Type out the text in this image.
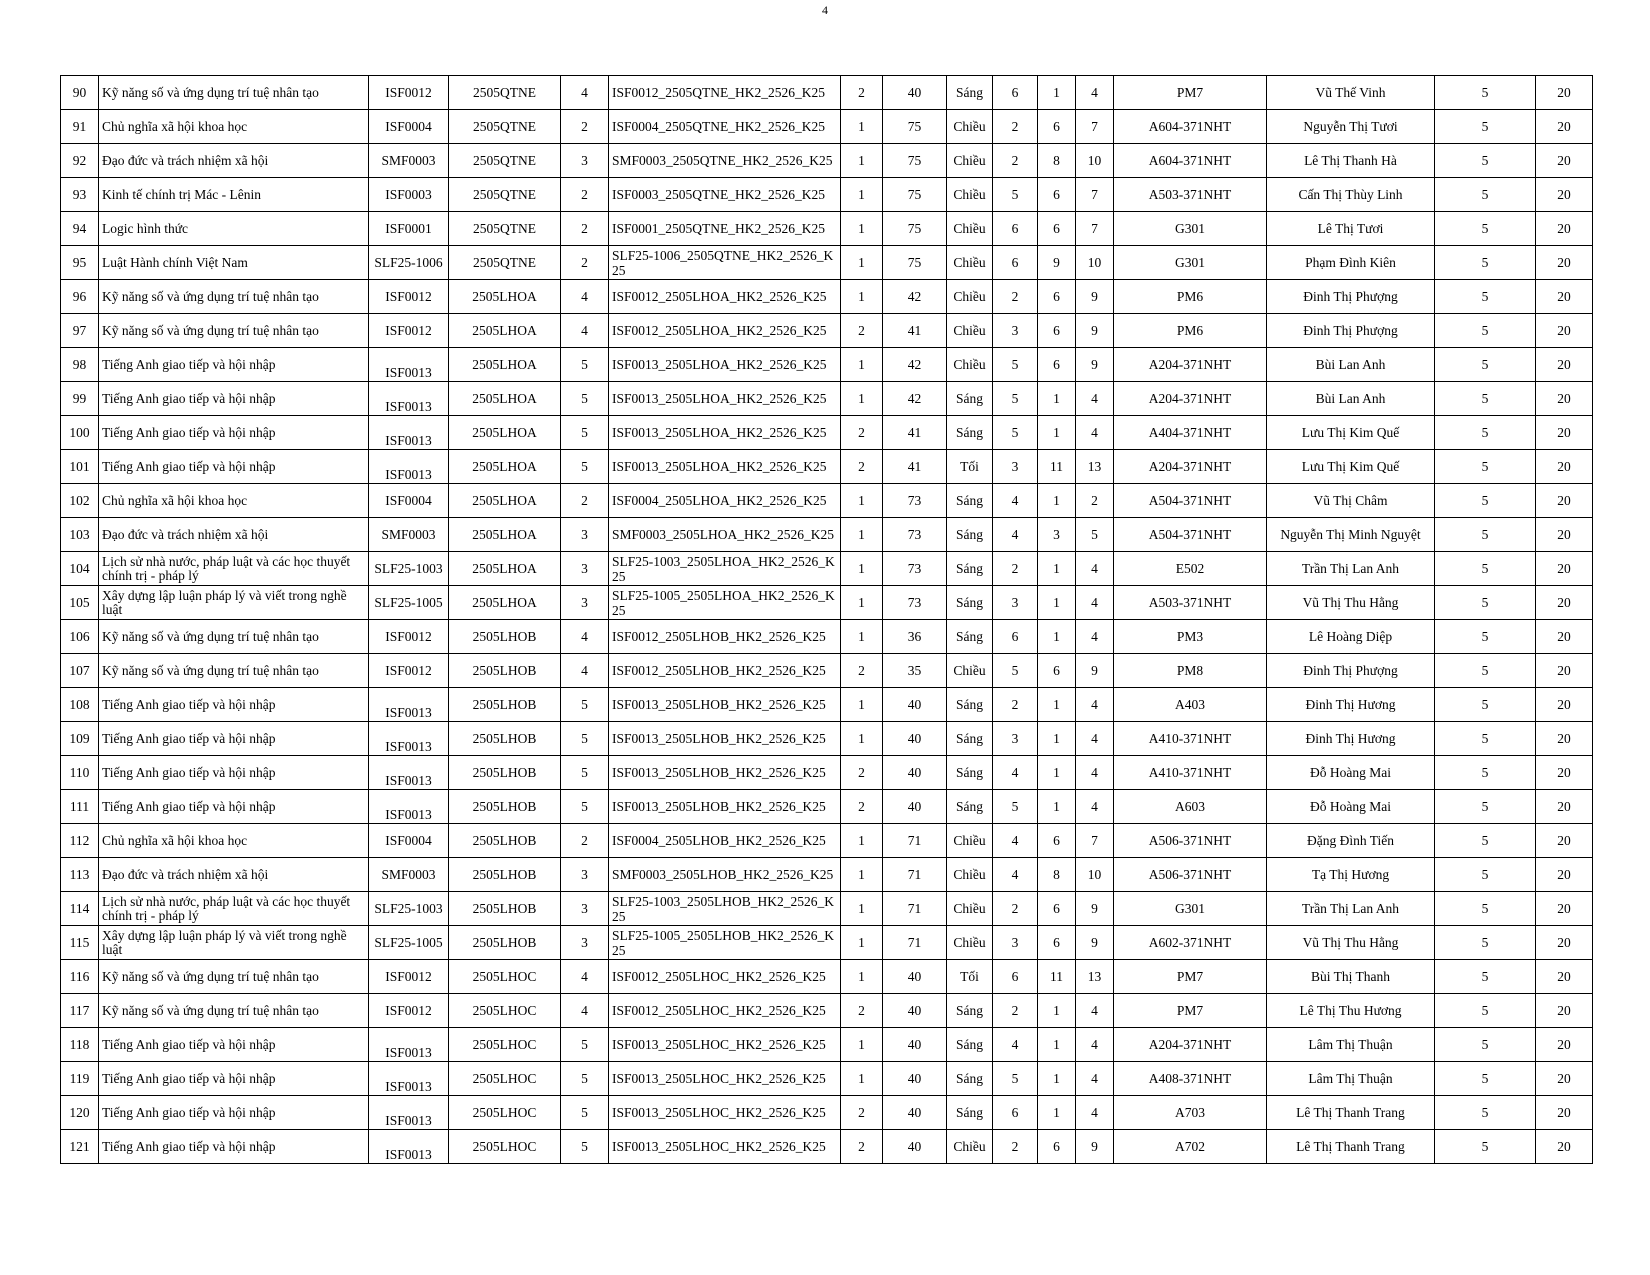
4
90	Kỹ năng số và ứng dụng trí tuệ nhân tạo	ISF0012	2505QTNE	4	ISF0012_2505QTNE_HK2_2526_K25	2	40	Sáng	6	1	4	PM7	Vũ Thế Vinh	5	20
91	Chủ nghĩa xã hội khoa học	ISF0004	2505QTNE	2	ISF0004_2505QTNE_HK2_2526_K25	1	75	Chiều	2	6	7	A604-371NHT	Nguyễn Thị Tươi	5	20
92	Đạo đức và trách nhiệm xã hội	SMF0003	2505QTNE	3	SMF0003_2505QTNE_HK2_2526_K25	1	75	Chiều	2	8	10	A604-371NHT	Lê Thị Thanh Hà	5	20
93	Kinh tế chính trị Mác - Lênin	ISF0003	2505QTNE	2	ISF0003_2505QTNE_HK2_2526_K25	1	75	Chiều	5	6	7	A503-371NHT	Cấn Thị Thùy Linh	5	20
94	Logic hình thức	ISF0001	2505QTNE	2	ISF0001_2505QTNE_HK2_2526_K25	1	75	Chiều	6	6	7	G301	Lê Thị Tươi	5	20
95	Luật Hành chính Việt Nam	SLF25-1006	2505QTNE	2	SLF25-1006_2505QTNE_HK2_2526_K25	1	75	Chiều	6	9	10	G301	Phạm Đình Kiên	5	20
96	Kỹ năng số và ứng dụng trí tuệ nhân tạo	ISF0012	2505LHOA	4	ISF0012_2505LHOA_HK2_2526_K25	1	42	Chiều	2	6	9	PM6	Đinh Thị Phượng	5	20
97	Kỹ năng số và ứng dụng trí tuệ nhân tạo	ISF0012	2505LHOA	4	ISF0012_2505LHOA_HK2_2526_K25	2	41	Chiều	3	6	9	PM6	Đinh Thị Phượng	5	20
98	Tiếng Anh giao tiếp và hội nhập	ISF0013	2505LHOA	5	ISF0013_2505LHOA_HK2_2526_K25	1	42	Chiều	5	6	9	A204-371NHT	Bùi Lan Anh	5	20
99	Tiếng Anh giao tiếp và hội nhập	ISF0013	2505LHOA	5	ISF0013_2505LHOA_HK2_2526_K25	1	42	Sáng	5	1	4	A204-371NHT	Bùi Lan Anh	5	20
100	Tiếng Anh giao tiếp và hội nhập	ISF0013	2505LHOA	5	ISF0013_2505LHOA_HK2_2526_K25	2	41	Sáng	5	1	4	A404-371NHT	Lưu Thị Kim Quế	5	20
101	Tiếng Anh giao tiếp và hội nhập	ISF0013	2505LHOA	5	ISF0013_2505LHOA_HK2_2526_K25	2	41	Tối	3	11	13	A204-371NHT	Lưu Thị Kim Quế	5	20
102	Chủ nghĩa xã hội khoa học	ISF0004	2505LHOA	2	ISF0004_2505LHOA_HK2_2526_K25	1	73	Sáng	4	1	2	A504-371NHT	Vũ Thị Châm	5	20
103	Đạo đức và trách nhiệm xã hội	SMF0003	2505LHOA	3	SMF0003_2505LHOA_HK2_2526_K25	1	73	Sáng	4	3	5	A504-371NHT	Nguyễn Thị Minh Nguyệt	5	20
104	Lịch sử nhà nước, pháp luật và các học thuyết chính trị - pháp lý	SLF25-1003	2505LHOA	3	SLF25-1003_2505LHOA_HK2_2526_K25	1	73	Sáng	2	1	4	E502	Trần Thị Lan Anh	5	20
105	Xây dựng lập luận pháp lý và viết trong nghề luật	SLF25-1005	2505LHOA	3	SLF25-1005_2505LHOA_HK2_2526_K25	1	73	Sáng	3	1	4	A503-371NHT	Vũ Thị Thu Hằng	5	20
106	Kỹ năng số và ứng dụng trí tuệ nhân tạo	ISF0012	2505LHOB	4	ISF0012_2505LHOB_HK2_2526_K25	1	36	Sáng	6	1	4	PM3	Lê Hoàng Diệp	5	20
107	Kỹ năng số và ứng dụng trí tuệ nhân tạo	ISF0012	2505LHOB	4	ISF0012_2505LHOB_HK2_2526_K25	2	35	Chiều	5	6	9	PM8	Đinh Thị Phượng	5	20
108	Tiếng Anh giao tiếp và hội nhập	ISF0013	2505LHOB	5	ISF0013_2505LHOB_HK2_2526_K25	1	40	Sáng	2	1	4	A403	Đinh Thị Hương	5	20
109	Tiếng Anh giao tiếp và hội nhập	ISF0013	2505LHOB	5	ISF0013_2505LHOB_HK2_2526_K25	1	40	Sáng	3	1	4	A410-371NHT	Đinh Thị Hương	5	20
110	Tiếng Anh giao tiếp và hội nhập	ISF0013	2505LHOB	5	ISF0013_2505LHOB_HK2_2526_K25	2	40	Sáng	4	1	4	A410-371NHT	Đỗ Hoàng Mai	5	20
111	Tiếng Anh giao tiếp và hội nhập	ISF0013	2505LHOB	5	ISF0013_2505LHOB_HK2_2526_K25	2	40	Sáng	5	1	4	A603	Đỗ Hoàng Mai	5	20
112	Chủ nghĩa xã hội khoa học	ISF0004	2505LHOB	2	ISF0004_2505LHOB_HK2_2526_K25	1	71	Chiều	4	6	7	A506-371NHT	Đặng Đình Tiến	5	20
113	Đạo đức và trách nhiệm xã hội	SMF0003	2505LHOB	3	SMF0003_2505LHOB_HK2_2526_K25	1	71	Chiều	4	8	10	A506-371NHT	Tạ Thị Hương	5	20
114	Lịch sử nhà nước, pháp luật và các học thuyết chính trị - pháp lý	SLF25-1003	2505LHOB	3	SLF25-1003_2505LHOB_HK2_2526_K25	1	71	Chiều	2	6	9	G301	Trần Thị Lan Anh	5	20
115	Xây dựng lập luận pháp lý và viết trong nghề luật	SLF25-1005	2505LHOB	3	SLF25-1005_2505LHOB_HK2_2526_K25	1	71	Chiều	3	6	9	A602-371NHT	Vũ Thị Thu Hằng	5	20
116	Kỹ năng số và ứng dụng trí tuệ nhân tạo	ISF0012	2505LHOC	4	ISF0012_2505LHOC_HK2_2526_K25	1	40	Tối	6	11	13	PM7	Bùi Thị Thanh	5	20
117	Kỹ năng số và ứng dụng trí tuệ nhân tạo	ISF0012	2505LHOC	4	ISF0012_2505LHOC_HK2_2526_K25	2	40	Sáng	2	1	4	PM7	Lê Thị Thu Hương	5	20
118	Tiếng Anh giao tiếp và hội nhập	ISF0013	2505LHOC	5	ISF0013_2505LHOC_HK2_2526_K25	1	40	Sáng	4	1	4	A204-371NHT	Lâm Thị Thuận	5	20
119	Tiếng Anh giao tiếp và hội nhập	ISF0013	2505LHOC	5	ISF0013_2505LHOC_HK2_2526_K25	1	40	Sáng	5	1	4	A408-371NHT	Lâm Thị Thuận	5	20
120	Tiếng Anh giao tiếp và hội nhập	ISF0013	2505LHOC	5	ISF0013_2505LHOC_HK2_2526_K25	2	40	Sáng	6	1	4	A703	Lê Thị Thanh Trang	5	20
121	Tiếng Anh giao tiếp và hội nhập	ISF0013	2505LHOC	5	ISF0013_2505LHOC_HK2_2526_K25	2	40	Chiều	2	6	9	A702	Lê Thị Thanh Trang	5	20
